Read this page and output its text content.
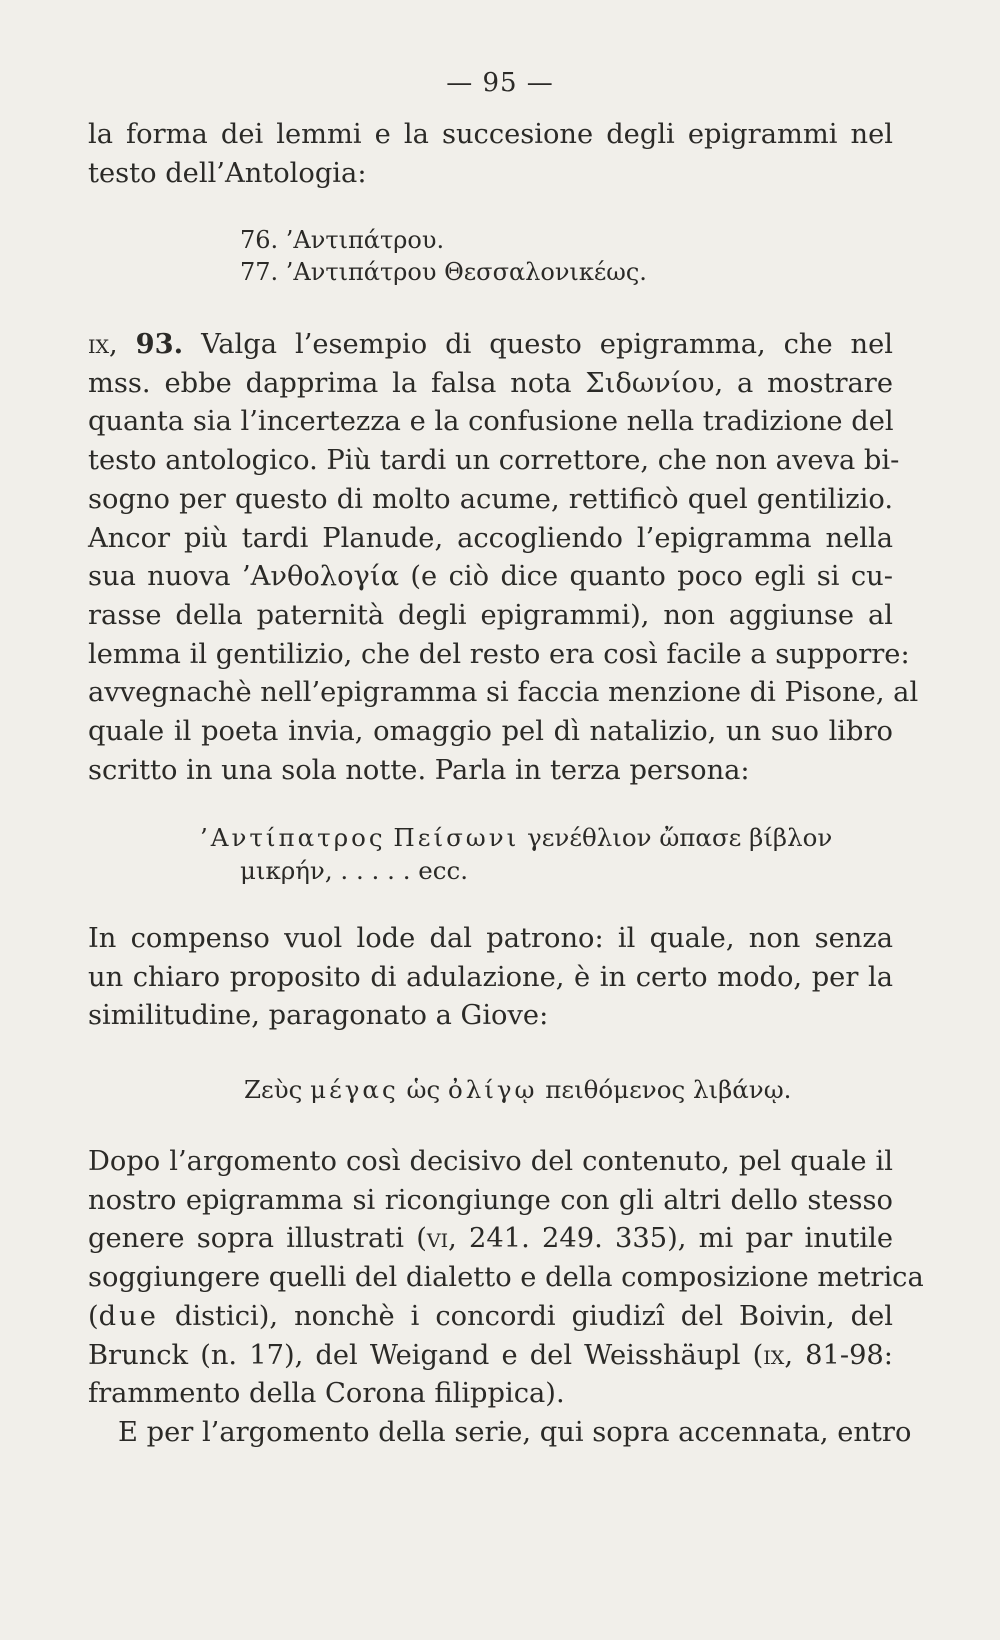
— 95 —
la forma dei lemmi e la succesione degli epigrammi nel
testo dell’Antologia:
76. ’Αντιπάτρου.
77. ’Αντιπάτρου Θεσσαλονικέως.
ix, 93. Valga l’esempio di questo epigramma, che nel
mss. ebbe dapprima la falsa nota Σιδωνίου, a mostrare
quanta sia l’incertezza e la confusione nella tradizione del
testo antologico. Più tardi un correttore, che non aveva bi-
sogno per questo di molto acume, rettificò quel gentilizio.
Ancor più tardi Planude, accogliendo l’epigramma nella
sua nuova ’Ανθολογία (e ciò dice quanto poco egli si cu-
rasse della paternità degli epigrammi), non aggiunse al
lemma il gentilizio, che del resto era così facile a supporre:
avvegnachè nell’epigramma si faccia menzione di Pisone, al
quale il poeta invia, omaggio pel dì natalizio, un suo libro
scritto in una sola notte. Parla in terza persona:
’Αντίπατρος Πείσωνι γενέθλιον ὤπασε βίβλον
μικρήν, . . . . . ecc.
In compenso vuol lode dal patrono: il quale, non senza
un chiaro proposito di adulazione, è in certo modo, per la
similitudine, paragonato a Giove:
Ζεὺς μέγας ὡς ὀλίγῳ πειθόμενος λιβάνῳ.
Dopo l’argomento così decisivo del contenuto, pel quale il
nostro epigramma si ricongiunge con gli altri dello stesso
genere sopra illustrati (vi, 241. 249. 335), mi par inutile
soggiungere quelli del dialetto e della composizione metrica
(due distici), nonchè i concordi giudizî del Boivin, del
Brunck (n. 17), del Weigand e del Weisshäupl (ix, 81-98:
frammento della Corona filippica).
E per l’argomento della serie, qui sopra accennata, entro
